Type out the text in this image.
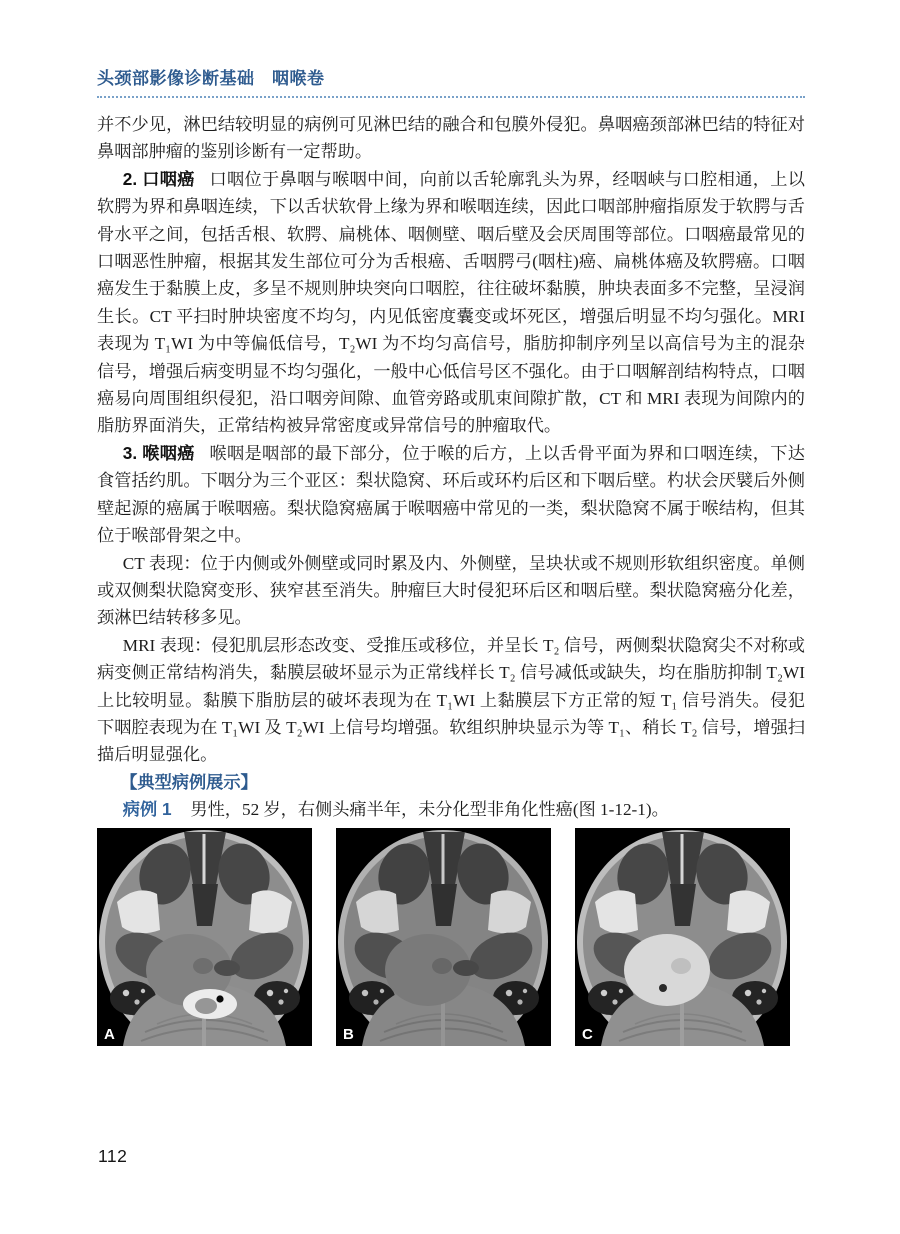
头颈部影像诊断基础　咽喉卷

并不少见，淋巴结较明显的病例可见淋巴结的融合和包膜外侵犯。鼻咽癌颈部淋巴结的特征对鼻咽部肿瘤的鉴别诊断有一定帮助。

2. 口咽癌 口咽位于鼻咽与喉咽中间，向前以舌轮廓乳头为界，经咽峡与口腔相通，上以软腭为界和鼻咽连续，下以舌状软骨上缘为界和喉咽连续，因此口咽部肿瘤指原发于软腭与舌骨水平之间，包括舌根、软腭、扁桃体、咽侧壁、咽后壁及会厌周围等部位。口咽癌最常见的口咽恶性肿瘤，根据其发生部位可分为舌根癌、舌咽腭弓(咽柱)癌、扁桃体癌及软腭癌。口咽癌发生于黏膜上皮，多呈不规则肿块突向口咽腔，往往破坏黏膜，肿块表面多不完整，呈浸润生长。CT 平扫时肿块密度不均匀，内见低密度囊变或坏死区，增强后明显不均匀强化。MRI 表现为 T₁WI 为中等偏低信号，T₂WI 为不均匀高信号，脂肪抑制序列呈以高信号为主的混杂信号，增强后病变明显不均匀强化，一般中心低信号区不强化。由于口咽解剖结构特点，口咽癌易向周围组织侵犯，沿口咽旁间隙、血管旁路或肌束间隙扩散，CT 和 MRI 表现为间隙内的脂肪界面消失，正常结构被异常密度或异常信号的肿瘤取代。

3. 喉咽癌 喉咽是咽部的最下部分，位于喉的后方，上以舌骨平面为界和口咽连续，下达食管括约肌。下咽分为三个亚区：梨状隐窝、环后或环杓后区和下咽后壁。杓状会厌襞后外侧壁起源的癌属于喉咽癌。梨状隐窝癌属于喉咽癌中常见的一类，梨状隐窝不属于喉结构，但其位于喉部骨架之中。

CT 表现：位于内侧或外侧壁或同时累及内、外侧壁，呈块状或不规则形软组织密度。单侧或双侧梨状隐窝变形、狭窄甚至消失。肿瘤巨大时侵犯环后区和咽后壁。梨状隐窝癌分化差，颈淋巴结转移多见。

MRI 表现：侵犯肌层形态改变、受推压或移位，并呈长 T₂ 信号，两侧梨状隐窝尖不对称或病变侧正常结构消失，黏膜层破坏显示为正常线样长 T₂ 信号减低或缺失，均在脂肪抑制 T₂WI 上比较明显。黏膜下脂肪层的破坏表现为在 T₁WI 上黏膜层下方正常的短 T₁ 信号消失。侵犯下咽腔表现为在 T₁WI 及 T₂WI 上信号均增强。软组织肿块显示为等 T₁、稍长 T₂ 信号，增强扫描后明显强化。

【典型病例展示】

病例 1 男性，52 岁，右侧头痛半年，未分化型非角化性癌(图 1-12-1)。

A	B	C
112
